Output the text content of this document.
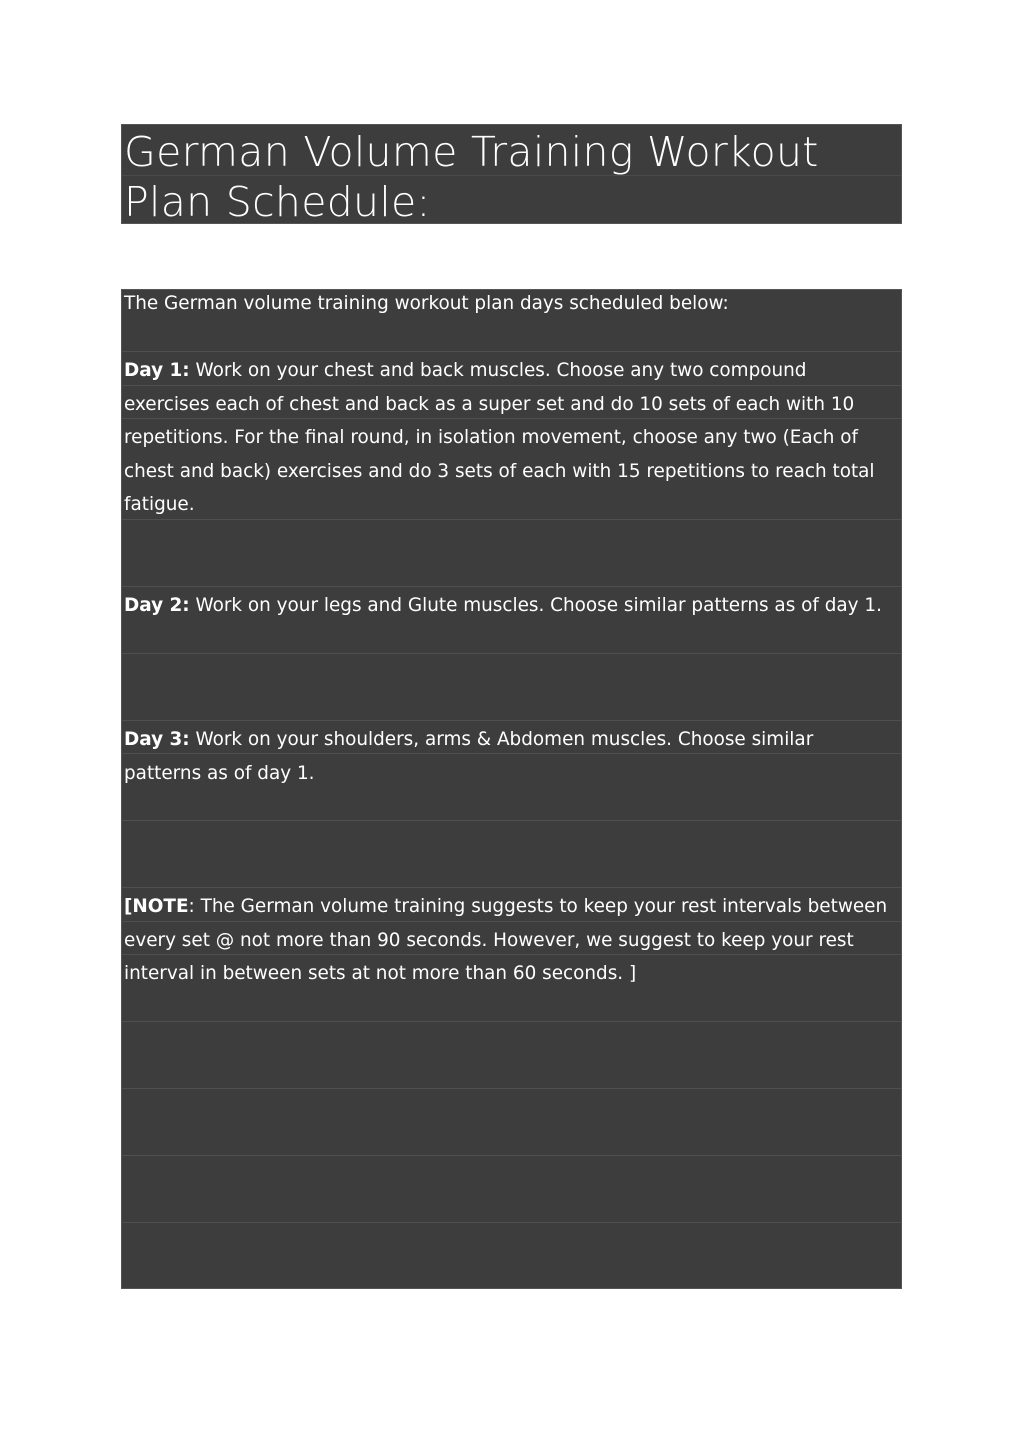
German Volume Training Workout Plan Schedule:

The German volume training workout plan days scheduled below:

Day 1: Work on your chest and back muscles. Choose any two compound exercises each of chest and back as a super set and do 10 sets of each with 10 repetitions. For the final round, in isolation movement, choose any two (Each of chest and back) exercises and do 3 sets of each with 15 repetitions to reach total fatigue.

Day 2: Work on your legs and Glute muscles. Choose similar patterns as of day 1.

Day 3: Work on your shoulders, arms & Abdomen muscles. Choose similar patterns as of day 1.

[NOTE: The German volume training suggests to keep your rest intervals between every set @ not more than 90 seconds. However, we suggest to keep your rest interval in between sets at not more than 60 seconds. ]
